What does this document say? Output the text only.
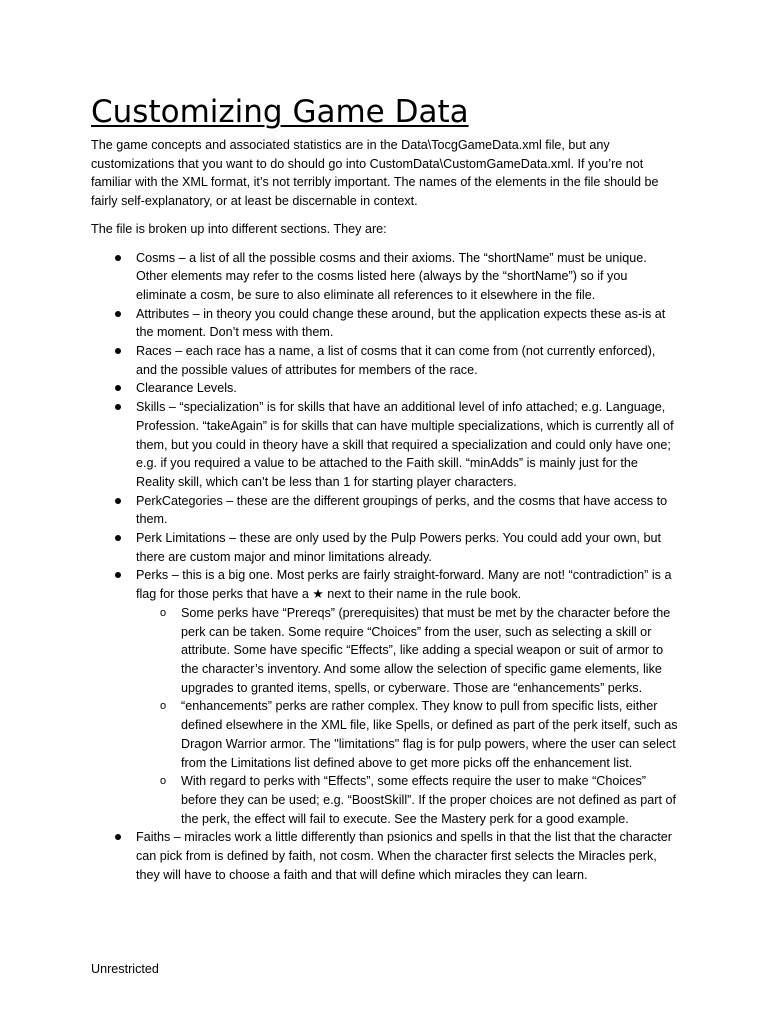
Customizing Game Data

The game concepts and associated statistics are in the Data\TocgGameData.xml file, but any customizations that you want to do should go into CustomData\CustomGameData.xml. If you’re not familiar with the XML format, it’s not terribly important. The names of the elements in the file should be fairly self-explanatory, or at least be discernable in context.

The file is broken up into different sections. They are:

Cosms – a list of all the possible cosms and their axioms. The “shortName” must be unique. Other elements may refer to the cosms listed here (always by the “shortName”) so if you eliminate a cosm, be sure to also eliminate all references to it elsewhere in the file.
Attributes – in theory you could change these around, but the application expects these as-is at the moment. Don’t mess with them.
Races – each race has a name, a list of cosms that it can come from (not currently enforced), and the possible values of attributes for members of the race.
Clearance Levels.
Skills – “specialization” is for skills that have an additional level of info attached; e.g. Language, Profession. “takeAgain” is for skills that can have multiple specializations, which is currently all of them, but you could in theory have a skill that required a specialization and could only have one; e.g. if you required a value to be attached to the Faith skill. “minAdds” is mainly just for the Reality skill, which can’t be less than 1 for starting player characters.
PerkCategories – these are the different groupings of perks, and the cosms that have access to them.
Perk Limitations – these are only used by the Pulp Powers perks. You could add your own, but there are custom major and minor limitations already.
Perks – this is a big one. Most perks are fairly straight-forward. Many are not! “contradiction” is a flag for those perks that have a ★ next to their name in the rule book.
o Some perks have “Prereqs” (prerequisites) that must be met by the character before the perk can be taken. Some require “Choices” from the user, such as selecting a skill or attribute. Some have specific “Effects”, like adding a special weapon or suit of armor to the character’s inventory. And some allow the selection of specific game elements, like upgrades to granted items, spells, or cyberware. Those are “enhancements” perks.
o “enhancements” perks are rather complex. They know to pull from specific lists, either defined elsewhere in the XML file, like Spells, or defined as part of the perk itself, such as Dragon Warrior armor. The "limitations" flag is for pulp powers, where the user can select from the Limitations list defined above to get more picks off the enhancement list.
o With regard to perks with “Effects”, some effects require the user to make “Choices” before they can be used; e.g. “BoostSkill”. If the proper choices are not defined as part of the perk, the effect will fail to execute. See the Mastery perk for a good example.
Faiths – miracles work a little differently than psionics and spells in that the list that the character can pick from is defined by faith, not cosm. When the character first selects the Miracles perk, they will have to choose a faith and that will define which miracles they can learn.

Unrestricted
